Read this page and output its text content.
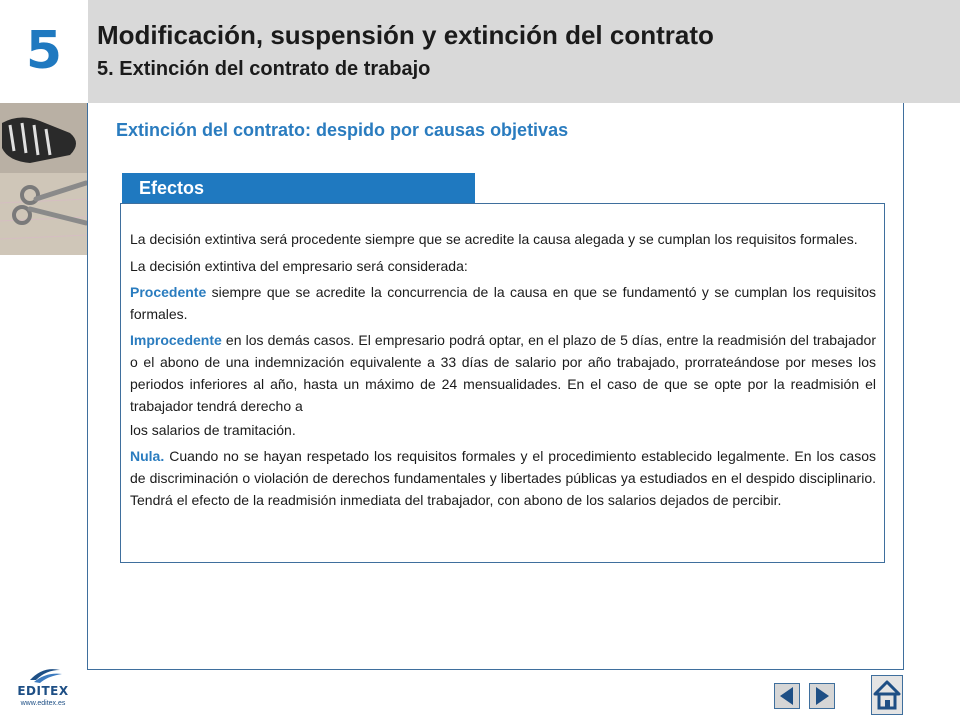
5	Modificación, suspensión y extinción del contrato
5. Extinción del contrato de trabajo
Extinción del contrato: despido por causas objetivas
Efectos

La decisión extintiva será procedente siempre que se acredite la causa alegada y se cumplan los requisitos formales.

La decisión extintiva del empresario será considerada:

Procedente siempre que se acredite la concurrencia de la causa en que se fundamentó y se cumplan los requisitos formales.

Improcedente en los demás casos. El empresario podrá optar, en el plazo de 5 días, entre la readmisión del trabajador o el abono de una indemnización equivalente a 33 días de salario por año trabajado, prorrateándose por meses los periodos inferiores al año, hasta un máximo de 24 mensualidades. En el caso de que se opte por la readmisión el trabajador tendrá derecho a

los salarios de tramitación.

Nula. Cuando no se hayan respetado los requisitos formales y el procedimiento establecido legalmente. En los casos de discriminación o violación de derechos fundamentales y libertades públicas ya estudiados en el despido disciplinario. Tendrá el efecto de la readmisión inmediata del trabajador, con abono de los salarios dejados de percibir.

EDITEX
www.editex.es
